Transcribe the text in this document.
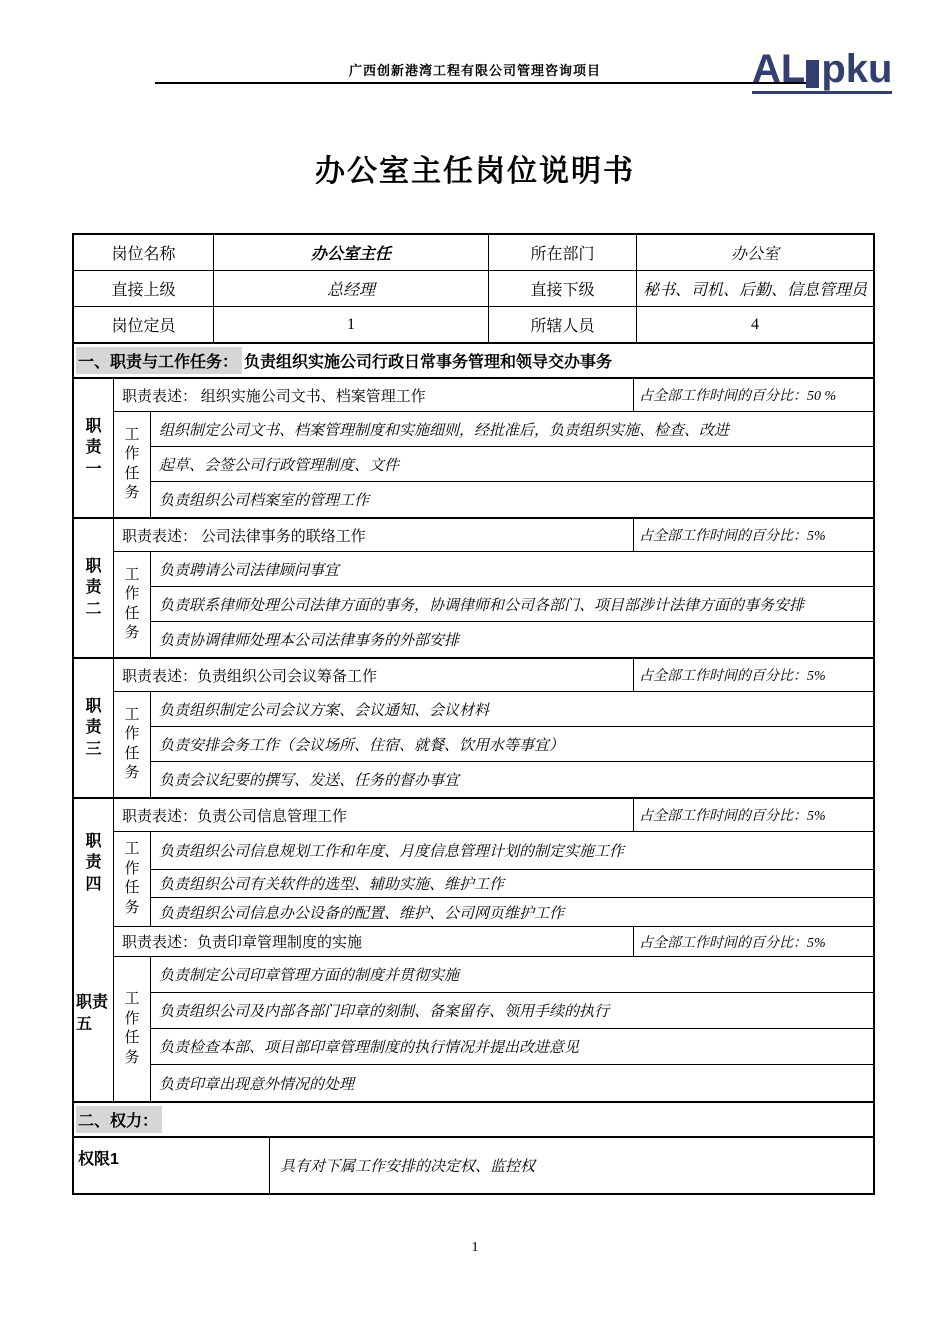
广西创新港湾工程有限公司管理咨询项目	AL pku
办公室主任岗位说明书
岗位名称	办公室主任	所在部门	办公室
直接上级	总经理	直接下级	秘书、司机、后勤、信息管理员
岗位定员	1	所辖人员	4
一、职责与工作任务： 负责组织实施公司行政日常事务管理和领导交办事务
职责一
职责表述： 组织实施公司文书、档案管理工作	占全部工作时间的百分比：50 %
工作任务
组织制定公司文书、档案管理制度和实施细则，经批准后，负责组织实施、检查、改进
起草、会签公司行政管理制度、文件
负责组织公司档案室的管理工作
职责二
职责表述： 公司法律事务的联络工作	占全部工作时间的百分比：5%
工作任务
负责聘请公司法律顾问事宜
负责联系律师处理公司法律方面的事务，协调律师和公司各部门、项目部涉计法律方面的事务安排
负责协调律师处理本公司法律事务的外部安排
职责三
职责表述：负责组织公司会议筹备工作	占全部工作时间的百分比：5%
工作任务
负责组织制定公司会议方案、会议通知、会议材料
负责安排会务工作（会议场所、住宿、就餐、饮用水等事宜）
负责会议纪要的撰写、发送、任务的督办事宜
职责四
职责表述：负责公司信息管理工作	占全部工作时间的百分比：5%
工作任务
负责组织公司信息规划工作和年度、月度信息管理计划的制定实施工作
负责组织公司有关软件的选型、辅助实施、维护工作
负责组织公司信息办公设备的配置、维护、公司网页维护工作
职责五
职责表述：负责印章管理制度的实施	占全部工作时间的百分比：5%
工作任务
负责制定公司印章管理方面的制度并贯彻实施
负责组织公司及内部各部门印章的刻制、备案留存、领用手续的执行
负责检查本部、项目部印章管理制度的执行情况并提出改进意见
负责印章出现意外情况的处理
二、权力：
权限1	具有对下属工作安排的决定权、监控权
1
